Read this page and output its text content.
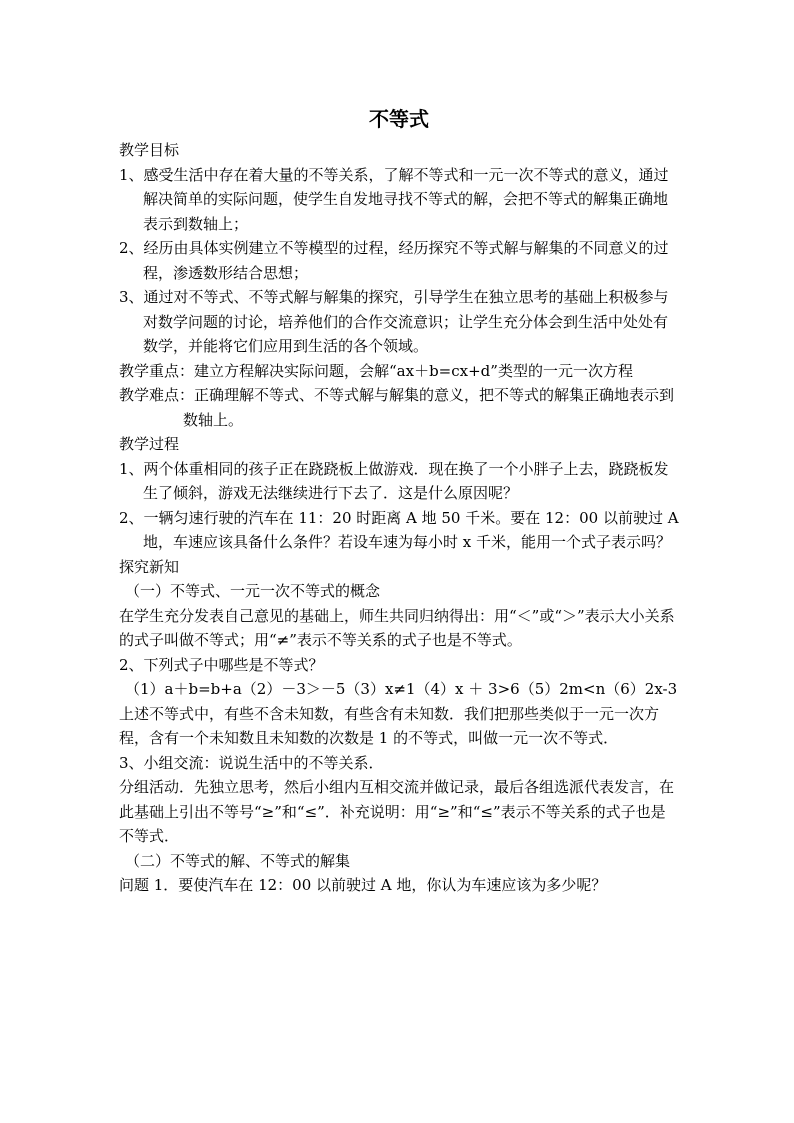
不等式

教学目标

1、感受生活中存在着大量的不等关系，了解不等式和一元一次不等式的意义，通过解决简单的实际问题，使学生自发地寻找不等式的解，会把不等式的解集正确地表示到数轴上；

2、经历由具体实例建立不等模型的过程，经历探究不等式解与解集的不同意义的过程，渗透数形结合思想；

3、通过对不等式、不等式解与解集的探究，引导学生在独立思考的基础上积极参与对数学问题的讨论，培养他们的合作交流意识；让学生充分体会到生活中处处有数学，并能将它们应用到生活的各个领域。

教学重点：建立方程解决实际问题，会解“ax＋b=cx+d”类型的一元一次方程

教学难点：正确理解不等式、不等式解与解集的意义，把不等式的解集正确地表示到数轴上。

教学过程

1、两个体重相同的孩子正在跷跷板上做游戏．现在换了一个小胖子上去，跷跷板发生了倾斜，游戏无法继续进行下去了．这是什么原因呢？

2、一辆匀速行驶的汽车在 11：20 时距离 A 地 50 千米。要在 12：00 以前驶过 A 地，车速应该具备什么条件？若设车速为每小时 x 千米，能用一个式子表示吗？

探究新知

（一）不等式、一元一次不等式的概念

在学生充分发表自己意见的基础上，师生共同归纳得出：用“＜”或“＞”表示大小关系的式子叫做不等式；用“≠”表示不等关系的式子也是不等式。

2、下列式子中哪些是不等式？

（1）a＋b=b+a（2）－3＞－5（3）x≠1（4）x ＋ 3>6（5）2m<n（6）2x-3

上述不等式中，有些不含未知数，有些含有未知数．我们把那些类似于一元一次方程，含有一个未知数且未知数的次数是 1 的不等式，叫做一元一次不等式．

3、小组交流：说说生活中的不等关系．

分组活动．先独立思考，然后小组内互相交流并做记录，最后各组选派代表发言，在此基础上引出不等号“≥”和“≤”．补充说明：用“≥”和“≤”表示不等关系的式子也是不等式．

（二）不等式的解、不等式的解集

问题 1．要使汽车在 12：00 以前驶过 A 地，你认为车速应该为多少呢？
